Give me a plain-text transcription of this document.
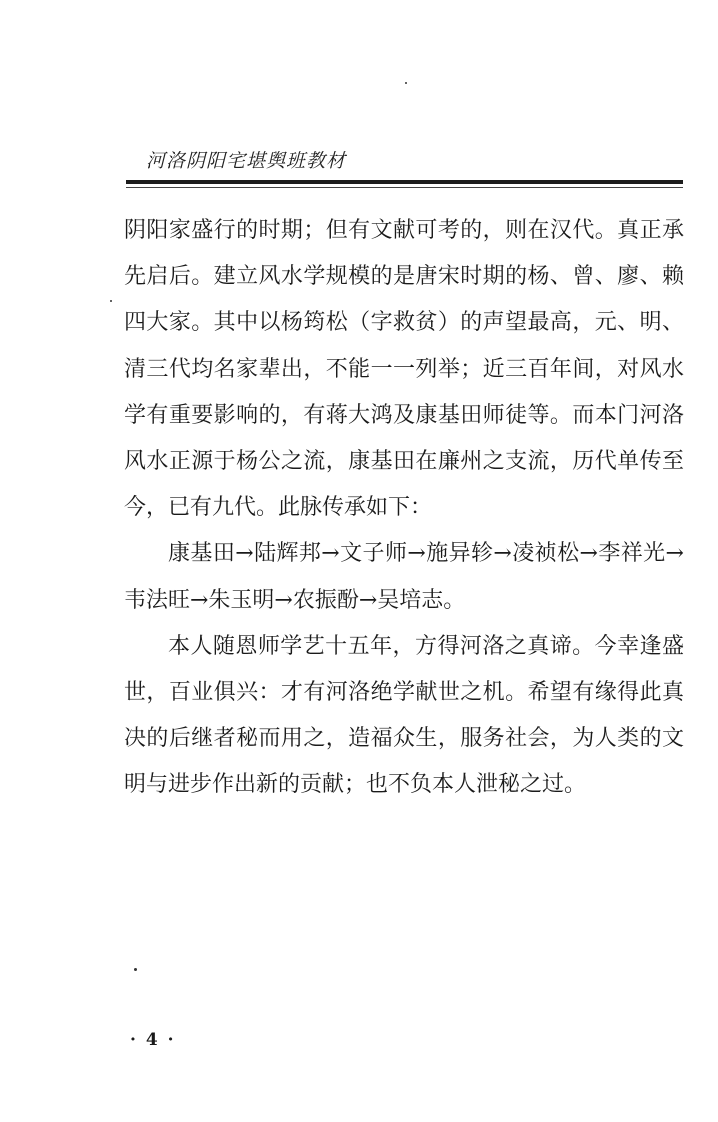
河洛阴阳宅堪舆班教材

阴阳家盛行的时期；但有文献可考的，则在汉代。真正承先启后。建立风水学规模的是唐宋时期的杨、曾、廖、赖四大家。其中以杨筠松（字救贫）的声望最高，元、明、清三代均名家辈出，不能一一列举；近三百年间，对风水学有重要影响的，有蒋大鸿及康基田师徒等。而本门河洛风水正源于杨公之流，康基田在廉州之支流，历代单传至今，已有九代。此脉传承如下：

康基田→陆辉邦→文子师→施异轸→凌祯松→李祥光→韦法旺→朱玉明→农振酚→吴培志。

本人随恩师学艺十五年，方得河洛之真谛。今幸逢盛世，百业俱兴：才有河洛绝学献世之机。希望有缘得此真决的后继者秘而用之，造福众生，服务社会，为人类的文明与进步作出新的贡献；也不负本人泄秘之过。

· 4 ·
